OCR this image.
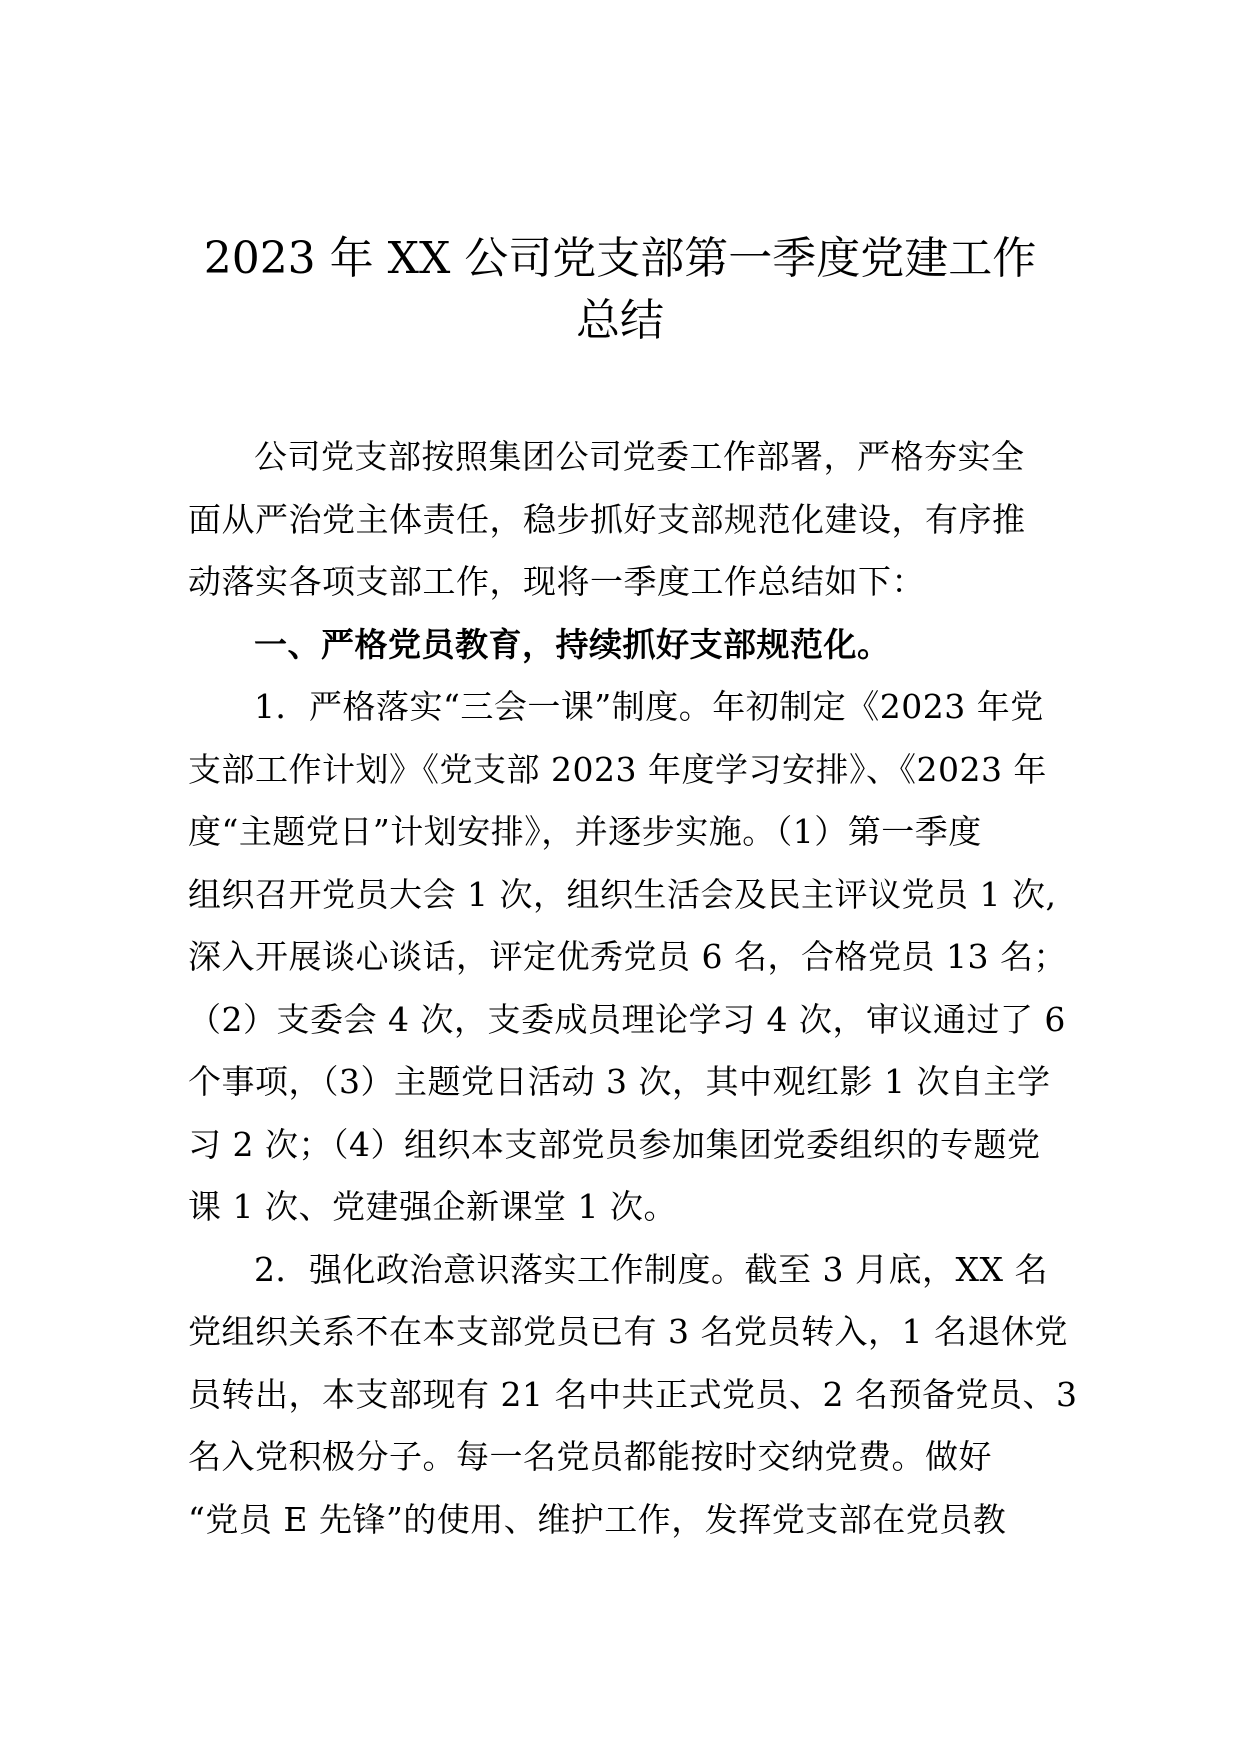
2023 年 XX 公司党支部第一季度党建工作
总结
公司党支部按照集团公司党委工作部署，严格夯实全
面从严治党主体责任，稳步抓好支部规范化建设，有序推
动落实各项支部工作，现将一季度工作总结如下：
一、严格党员教育，持续抓好支部规范化。
1．严格落实“三会一课”制度。年初制定《2023 年党
支部工作计划》《党支部 2023 年度学习安排》、《2023 年
度“主题党日”计划安排》，并逐步实施。（1）第一季度
组织召开党员大会 1 次，组织生活会及民主评议党员 1 次,
深入开展谈心谈话，评定优秀党员 6 名，合格党员 13 名；
（2）支委会 4 次，支委成员理论学习 4 次，审议通过了 6
个事项，（3）主题党日活动 3 次，其中观红影 1 次自主学
习 2 次；（4）组织本支部党员参加集团党委组织的专题党
课 1 次、党建强企新课堂 1 次。
2．强化政治意识落实工作制度。截至 3 月底，XX 名
党组织关系不在本支部党员已有 3 名党员转入，1 名退休党
员转出，本支部现有 21 名中共正式党员、2 名预备党员、3
名入党积极分子。每一名党员都能按时交纳党费。做好
“党员 E 先锋”的使用、维护工作，发挥党支部在党员教
